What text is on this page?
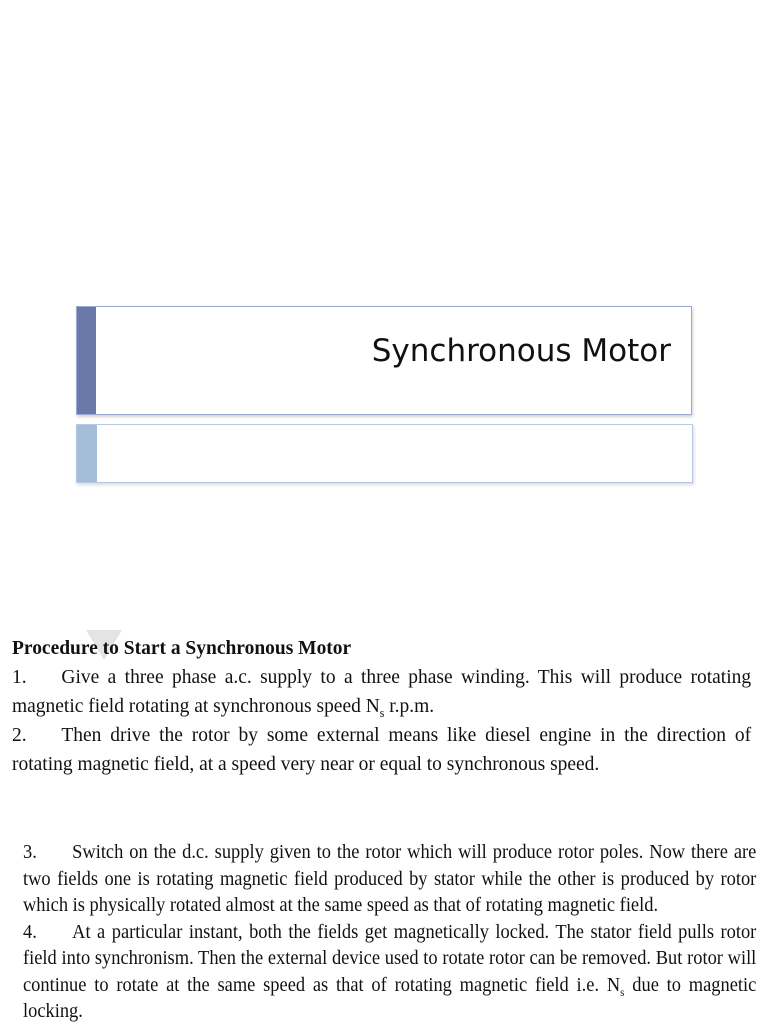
Synchronous Motor

Procedure to Start a Synchronous Motor

1. Give a three phase a.c. supply to a three phase winding. This will produce rotating magnetic field rotating at synchronous speed $N_s$ r.p.m.

2. Then drive the rotor by some external means like diesel engine in the direction of rotating magnetic field, at a speed very near or equal to synchronous speed.

3. Switch on the d.c. supply given to the rotor which will produce rotor poles. Now there are two fields one is rotating magnetic field produced by stator while the other is produced by rotor which is physically rotated almost at the same speed as that of rotating magnetic field.

4. At a particular instant, both the fields get magnetically locked. The stator field pulls rotor field into synchronism. Then the external device used to rotate rotor can be removed. But rotor will continue to rotate at the same speed as that of rotating magnetic field i.e. $N_s$ due to magnetic locking.
